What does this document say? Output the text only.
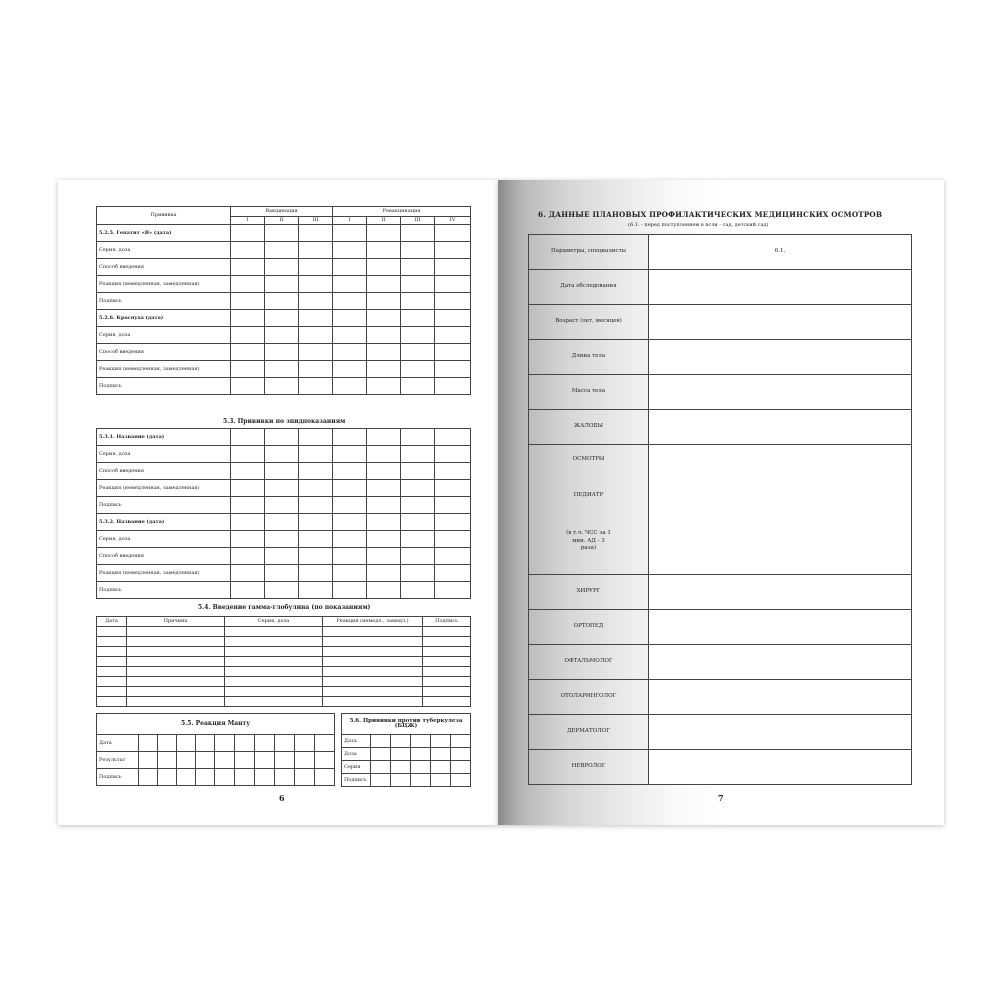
Прививка	Вакцинация			Ревакцинация			
	I	II	III	I	II	III	IV
5.2.5. Гепатит «В» (дата)							
Серия, доза							
Способ введения							
Реакция (немедленная, замедленная)							
Подпись							
5.2.6. Краснуха (дата)							
Серия, доза							
Способ введения							
Реакция (немедленная, замедленная)							
Подпись							
5.3. Прививки по эпидпоказаниям
5.3.1. Название (дата)							
Серия, доза							
Способ введения							
Реакция (немедленная, замедленная)							
Подпись							
5.3.2. Название (дата)							
Серия, доза							
Способ введения							
Реакция (немедленная, замедленная)							
Подпись							
5.4. Введение гамма-глобулина (по показаниям)
Дата	Причина	Серия, доза	Реакция (немедл., замедл.)	Подпись

5.5. Реакция Манту										
Дата										
Результат										
Подпись										
5.6. Прививки против туберкулеза (БЦЖ)					
Дата					
Доза					
Серия					
Подпись					
6
6. ДАННЫЕ ПЛАНОВЫХ ПРОФИЛАКТИЧЕСКИХ МЕДИЦИНСКИХ ОСМОТРОВ
(6.1. - перед поступлением в ясли - сад, детский сад)
Параметры, специалисты	6.1.
Дата обследования	
Возраст (лет, месяцев)	
Длина тела	
Масса тела	
ЖАЛОБЫ	

ОСМОТРЫ
ПЕДИАТР
(в т.ч. ЧСС за 1 мин. АД - 3 раза)	

ХИРУРГ	
ОРТОПЕД	
ОФТАЛЬМОЛОГ	
ОТОЛАРИНГОЛОГ	
ДЕРМАТОЛОГ	
НЕВРОЛОГ	
7
